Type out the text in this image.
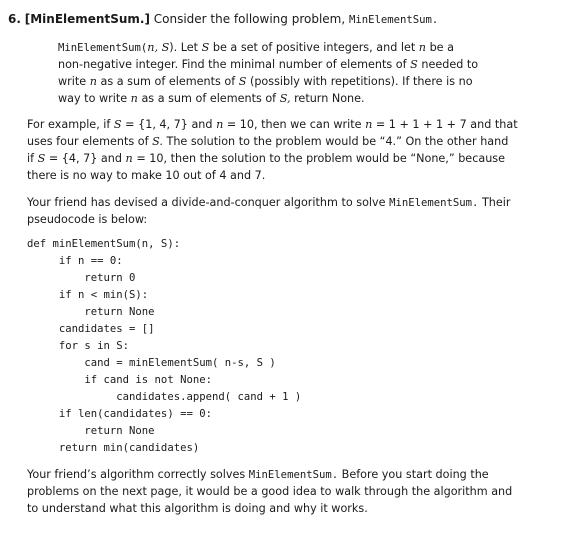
6. [MinElementSum.] Consider the following problem, MinElementSum.
MinElementSum(n, S). Let S be a set of positive integers, and let n be a
non-negative integer. Find the minimal number of elements of S needed to
write n as a sum of elements of S (possibly with repetitions). If there is no
way to write n as a sum of elements of S, return None.
For example, if S = {1, 4, 7} and n = 10, then we can write n = 1 + 1 + 1 + 7 and that
uses four elements of S. The solution to the problem would be “4.” On the other hand
if S = {4, 7} and n = 10, then the solution to the problem would be “None,” because
there is no way to make 10 out of 4 and 7.
Your friend has devised a divide-and-conquer algorithm to solve MinElementSum. Their
pseudocode is below:
def minElementSum(n, S):
if n == 0:
return 0
if n < min(S):
return None
candidates = []
for s in S:
cand = minElementSum( n-s, S )
if cand is not None:
candidates.append( cand + 1 )
if len(candidates) == 0:
return None
return min(candidates)
Your friend’s algorithm correctly solves MinElementSum. Before you start doing the
problems on the next page, it would be a good idea to walk through the algorithm and
to understand what this algorithm is doing and why it works.
